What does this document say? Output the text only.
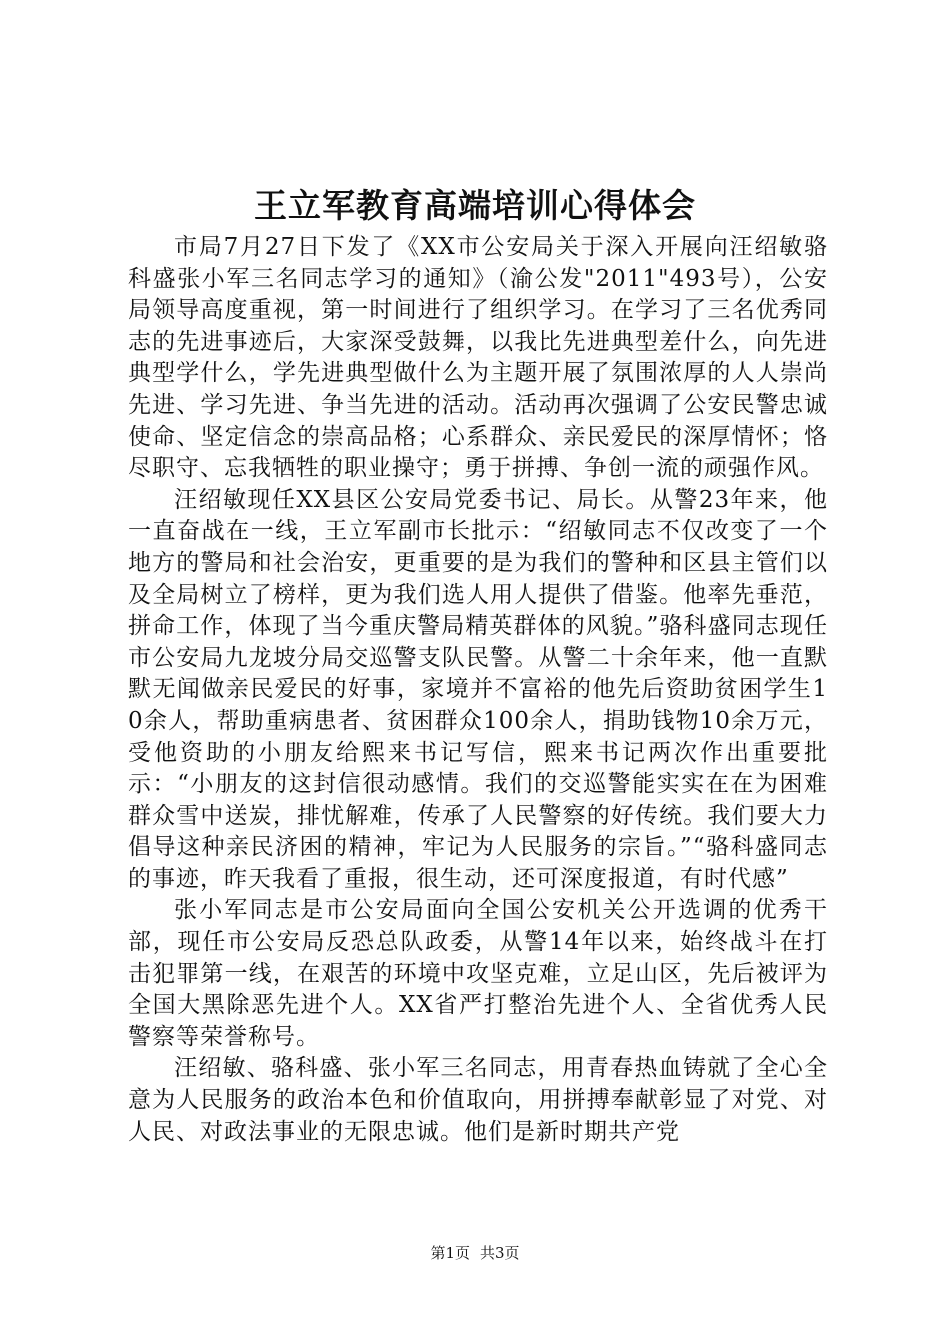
王立军教育高端培训心得体会

市局7月27日下发了《XX市公安局关于深入开展向汪绍敏骆科盛张小军三名同志学习的通知》（渝公发"2011"493号），公安局领导高度重视，第一时间进行了组织学习。在学习了三名优秀同志的先进事迹后，大家深受鼓舞，以我比先进典型差什么，向先进典型学什么，学先进典型做什么为主题开展了氛围浓厚的人人崇尚先进、学习先进、争当先进的活动。活动再次强调了公安民警忠诚使命、坚定信念的崇高品格；心系群众、亲民爱民的深厚情怀；恪尽职守、忘我牺牲的职业操守；勇于拼搏、争创一流的顽强作风。

汪绍敏现任XX县区公安局党委书记、局长。从警23年来，他一直奋战在一线，王立军副市长批示：“绍敏同志不仅改变了一个地方的警局和社会治安，更重要的是为我们的警种和区县主管们以及全局树立了榜样，更为我们选人用人提供了借鉴。他率先垂范，拼命工作，体现了当今重庆警局精英群体的风貌。”骆科盛同志现任市公安局九龙坡分局交巡警支队民警。从警二十余年来，他一直默默无闻做亲民爱民的好事，家境并不富裕的他先后资助贫困学生10余人，帮助重病患者、贫困群众100余人，捐助钱物10余万元，受他资助的小朋友给熙来书记写信，熙来书记两次作出重要批示：“小朋友的这封信很动感情。我们的交巡警能实实在在为困难群众雪中送炭，排忧解难，传承了人民警察的好传统。我们要大力倡导这种亲民济困的精神，牢记为人民服务的宗旨。”“骆科盛同志的事迹，昨天我看了重报，很生动，还可深度报道，有时代感”

张小军同志是市公安局面向全国公安机关公开选调的优秀干部，现任市公安局反恐总队政委，从警14年以来，始终战斗在打击犯罪第一线，在艰苦的环境中攻坚克难，立足山区，先后被评为全国大黑除恶先进个人。XX省严打整治先进个人、全省优秀人民警察等荣誉称号。

汪绍敏、骆科盛、张小军三名同志，用青春热血铸就了全心全意为人民服务的政治本色和价值取向，用拼搏奉献彰显了对党、对人民、对政法事业的无限忠诚。他们是新时期共产党

第1页 共3页
